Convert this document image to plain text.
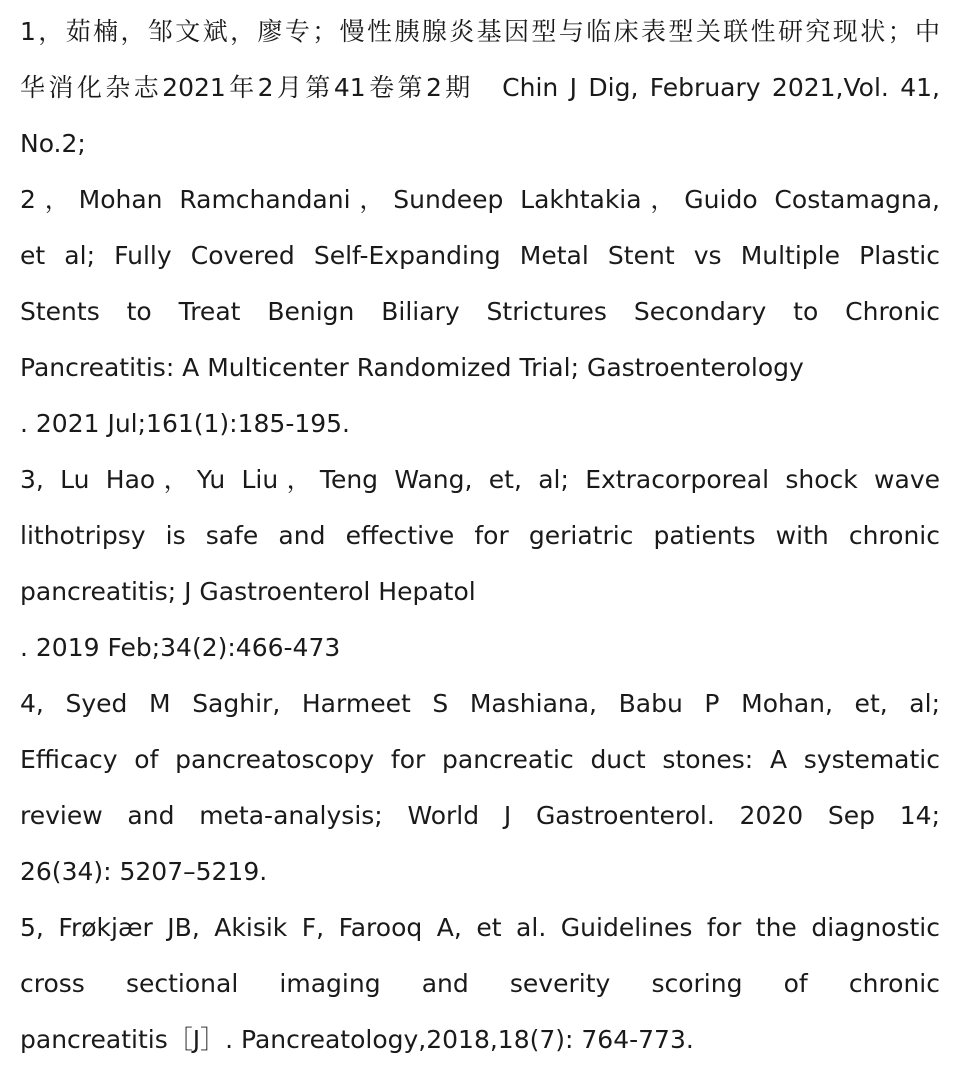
1，茹楠，邹文斌，廖专；慢性胰腺炎基因型与临床表型关联性研究现状；中
华消化杂志2021年2月第41卷第2期　Chin J Dig, February 2021,Vol. 41,
No.2;
2，Mohan Ramchandani，Sundeep Lakhtakia，Guido Costamagna,
et al; Fully Covered Self-Expanding Metal Stent vs Multiple Plastic
Stents to Treat Benign Biliary Strictures Secondary to Chronic
Pancreatitis: A Multicenter Randomized Trial; Gastroenterology
. 2021 Jul;161(1):185-195.
3, Lu Hao，Yu Liu，Teng Wang, et, al; Extracorporeal shock wave
lithotripsy is safe and effective for geriatric patients with chronic
pancreatitis; J Gastroenterol Hepatol
. 2019 Feb;34(2):466-473
4, Syed M Saghir, Harmeet S Mashiana, Babu P Mohan, et, al;
Efficacy of pancreatoscopy for pancreatic duct stones: A systematic
review and meta-analysis; World J Gastroenterol. 2020 Sep 14;
26(34): 5207–5219.
5, Frøkjær JB, Akisik F, Farooq A, et al. Guidelines for the diagnostic
cross sectional imaging and severity scoring of chronic
pancreatitis［J］. Pancreatology,2018,18(7): 764-773.
